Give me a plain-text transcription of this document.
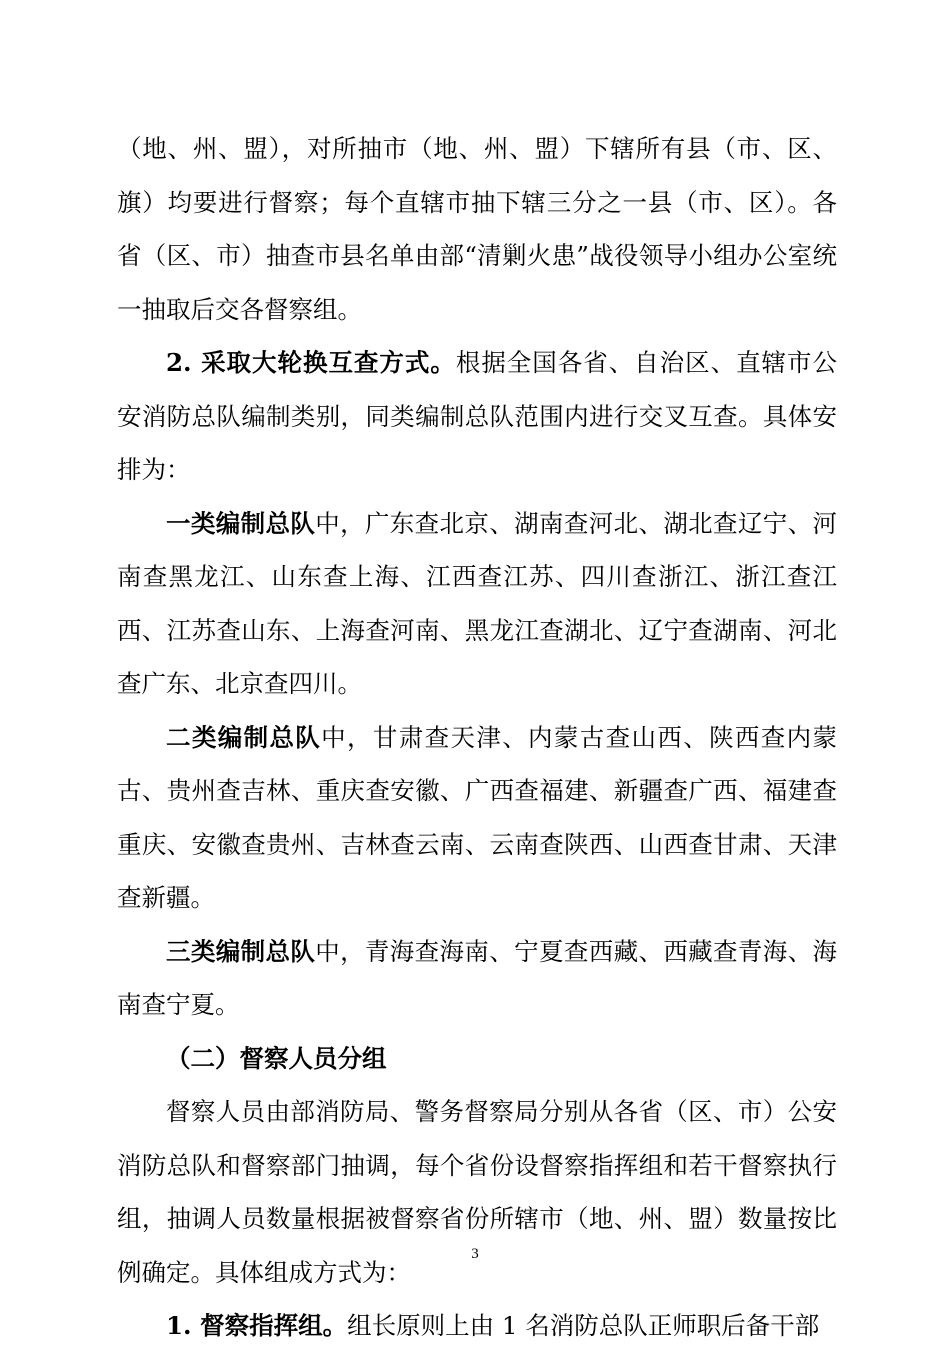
（地、州、盟），对所抽市（地、州、盟）下辖所有县（市、区、旗）均要进行督察；每个直辖市抽下辖三分之一县（市、区）。各省（区、市）抽查市县名单由部“清剿火患”战役领导小组办公室统一抽取后交各督察组。

2. 采取大轮换互查方式。根据全国各省、自治区、直辖市公安消防总队编制类别，同类编制总队范围内进行交叉互查。具体安排为：

一类编制总队中，广东查北京、湖南查河北、湖北查辽宁、河南查黑龙江、山东查上海、江西查江苏、四川查浙江、浙江查江西、江苏查山东、上海查河南、黑龙江查湖北、辽宁查湖南、河北查广东、北京查四川。

二类编制总队中，甘肃查天津、内蒙古查山西、陕西查内蒙古、贵州查吉林、重庆查安徽、广西查福建、新疆查广西、福建查重庆、安徽查贵州、吉林查云南、云南查陕西、山西查甘肃、天津查新疆。

三类编制总队中，青海查海南、宁夏查西藏、西藏查青海、海南查宁夏。

（二）督察人员分组

督察人员由部消防局、警务督察局分别从各省（区、市）公安消防总队和督察部门抽调，每个省份设督察指挥组和若干督察执行组，抽调人员数量根据被督察省份所辖市（地、州、盟）数量按比例确定。具体组成方式为：

1. 督察指挥组。组长原则上由 1 名消防总队正师职后备干部

3
